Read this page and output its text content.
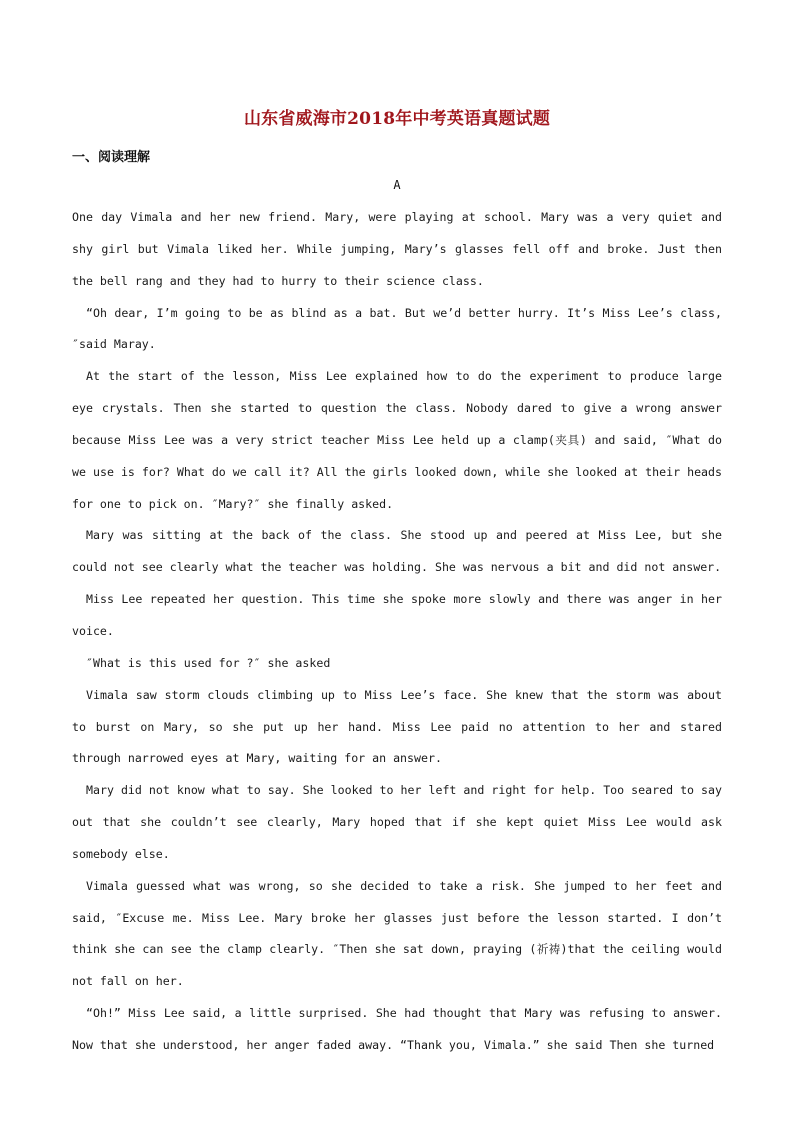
山东省威海市2018年中考英语真题试题
一、阅读理解
A

One day Vimala and her new friend. Mary, were playing at school. Mary was a very quiet and shy girl but Vimala liked her. While jumping, Mary’s glasses fell off and broke. Just then the bell rang and they had to hurry to their science class.

“Oh dear, I’m going to be as blind as a bat. But we’d better hurry. It’s Miss Lee’s class, ″said Maray.

At the start of the lesson, Miss Lee explained how to do the experiment to produce large eye crystals. Then she started to question the class. Nobody dared to give a wrong answer because Miss Lee was a very strict teacher Miss Lee held up a clamp(夹具) and said, ″What do we use is for? What do we call it? All the girls looked down, while she looked at their heads for one to pick on. ″Mary?″ she finally asked.

Mary was sitting at the back of the class. She stood up and peered at Miss Lee, but she could not see clearly what the teacher was holding. She was nervous a bit and did not answer.

Miss Lee repeated her question. This time she spoke more slowly and there was anger in her voice.

″What is this used for ?″ she asked

Vimala saw storm clouds climbing up to Miss Lee’s face. She knew that the storm was about to burst on Mary, so she put up her hand. Miss Lee paid no attention to her and stared through narrowed eyes at Mary, waiting for an answer.

Mary did not know what to say. She looked to her left and right for help. Too seared to say out that she couldn’t see clearly, Mary hoped that if she kept quiet Miss Lee would ask somebody else.

Vimala guessed what was wrong, so she decided to take a risk. She jumped to her feet and said, ″Excuse me. Miss Lee. Mary broke her glasses just before the lesson started. I don’t think she can see the clamp clearly. ″Then she sat down, praying (祈祷)that the ceiling would not fall on her.

“Oh!” Miss Lee said, a little surprised. She had thought that Mary was refusing to answer. Now that she understood, her anger faded away. “Thank you, Vimala.” she said Then she turned
